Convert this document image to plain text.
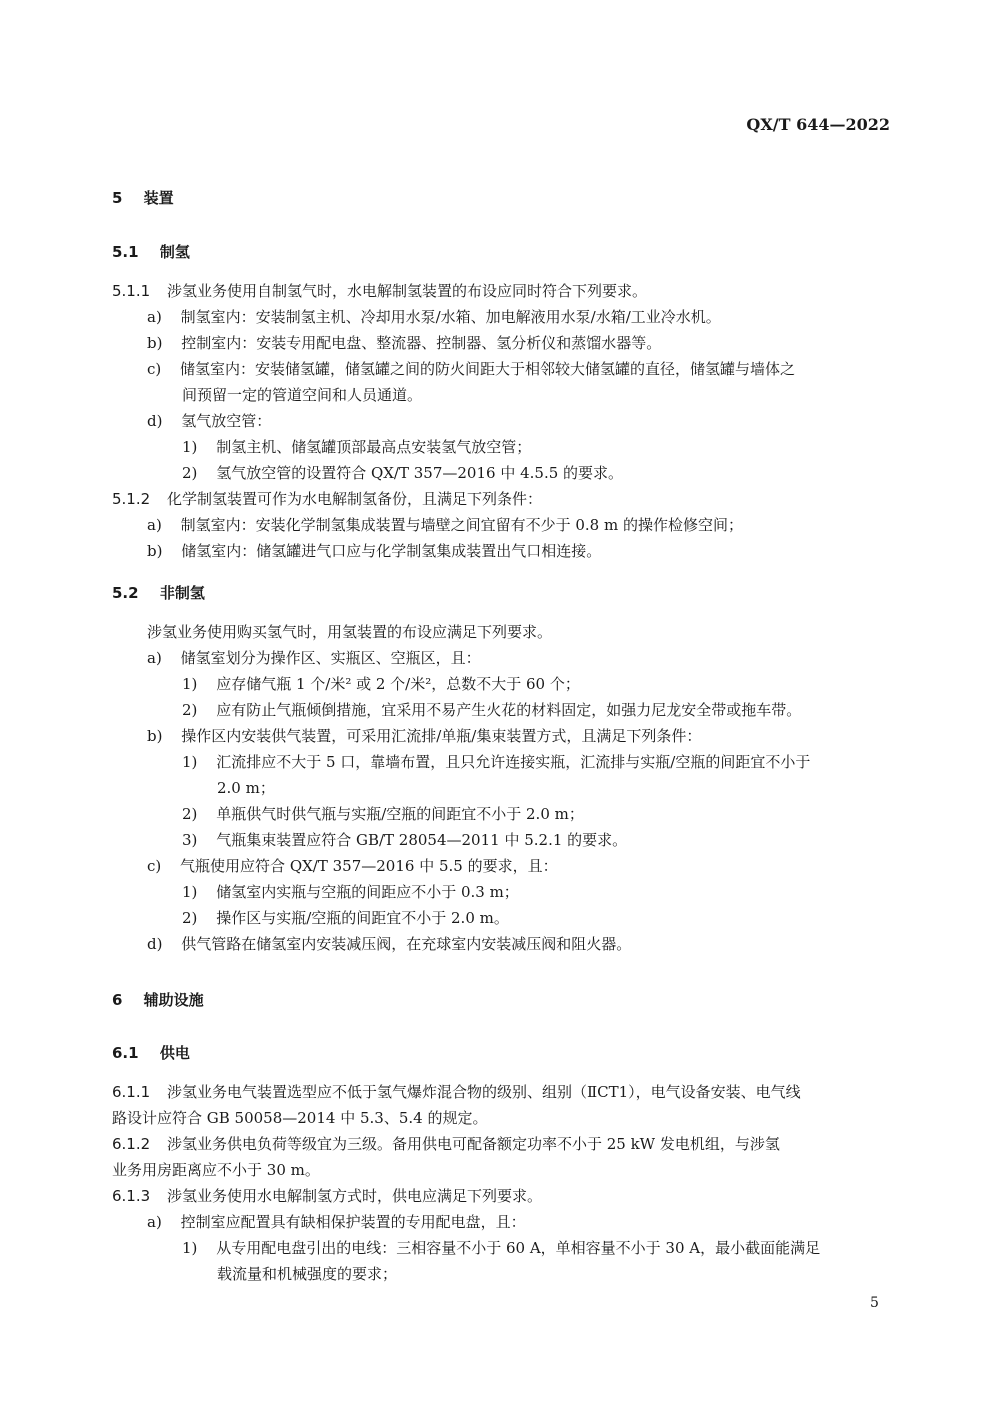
QX/T 644—2022
5 装置
5.1 制氢
5.1.1 涉氢业务使用自制氢气时，水电解制氢装置的布设应同时符合下列要求。
a) 制氢室内：安装制氢主机、冷却用水泵/水箱、加电解液用水泵/水箱/工业冷水机。
b) 控制室内：安装专用配电盘、整流器、控制器、氢分析仪和蒸馏水器等。
c) 储氢室内：安装储氢罐，储氢罐之间的防火间距大于相邻较大储氢罐的直径，储氢罐与墙体之
间预留一定的管道空间和人员通道。
d) 氢气放空管：
1) 制氢主机、储氢罐顶部最高点安装氢气放空管；
2) 氢气放空管的设置符合 QX/T 357—2016 中 4.5.5 的要求。
5.1.2 化学制氢装置可作为水电解制氢备份，且满足下列条件：
a) 制氢室内：安装化学制氢集成装置与墙壁之间宜留有不少于 0.8 m 的操作检修空间；
b) 储氢室内：储氢罐进气口应与化学制氢集成装置出气口相连接。
5.2 非制氢
涉氢业务使用购买氢气时，用氢装置的布设应满足下列要求。
a) 储氢室划分为操作区、实瓶区、空瓶区，且：
1) 应存储气瓶 1 个/米² 或 2 个/米²，总数不大于 60 个；
2) 应有防止气瓶倾倒措施，宜采用不易产生火花的材料固定，如强力尼龙安全带或拖车带。
b) 操作区内安装供气装置，可采用汇流排/单瓶/集束装置方式，且满足下列条件：
1) 汇流排应不大于 5 口，靠墙布置，且只允许连接实瓶，汇流排与实瓶/空瓶的间距宜不小于
2.0 m；
2) 单瓶供气时供气瓶与实瓶/空瓶的间距宜不小于 2.0 m；
3) 气瓶集束装置应符合 GB/T 28054—2011 中 5.2.1 的要求。
c) 气瓶使用应符合 QX/T 357—2016 中 5.5 的要求，且：
1) 储氢室内实瓶与空瓶的间距应不小于 0.3 m；
2) 操作区与实瓶/空瓶的间距宜不小于 2.0 m。
d) 供气管路在储氢室内安装减压阀，在充球室内安装减压阀和阻火器。
6 辅助设施
6.1 供电
6.1.1 涉氢业务电气装置选型应不低于氢气爆炸混合物的级别、组别（ⅡCT1），电气设备安装、电气线
路设计应符合 GB 50058—2014 中 5.3、5.4 的规定。
6.1.2 涉氢业务供电负荷等级宜为三级。备用供电可配备额定功率不小于 25 kW 发电机组，与涉氢
业务用房距离应不小于 30 m。
6.1.3 涉氢业务使用水电解制氢方式时，供电应满足下列要求。
a) 控制室应配置具有缺相保护装置的专用配电盘，且：
1) 从专用配电盘引出的电线：三相容量不小于 60 A，单相容量不小于 30 A，最小截面能满足
载流量和机械强度的要求；
5
